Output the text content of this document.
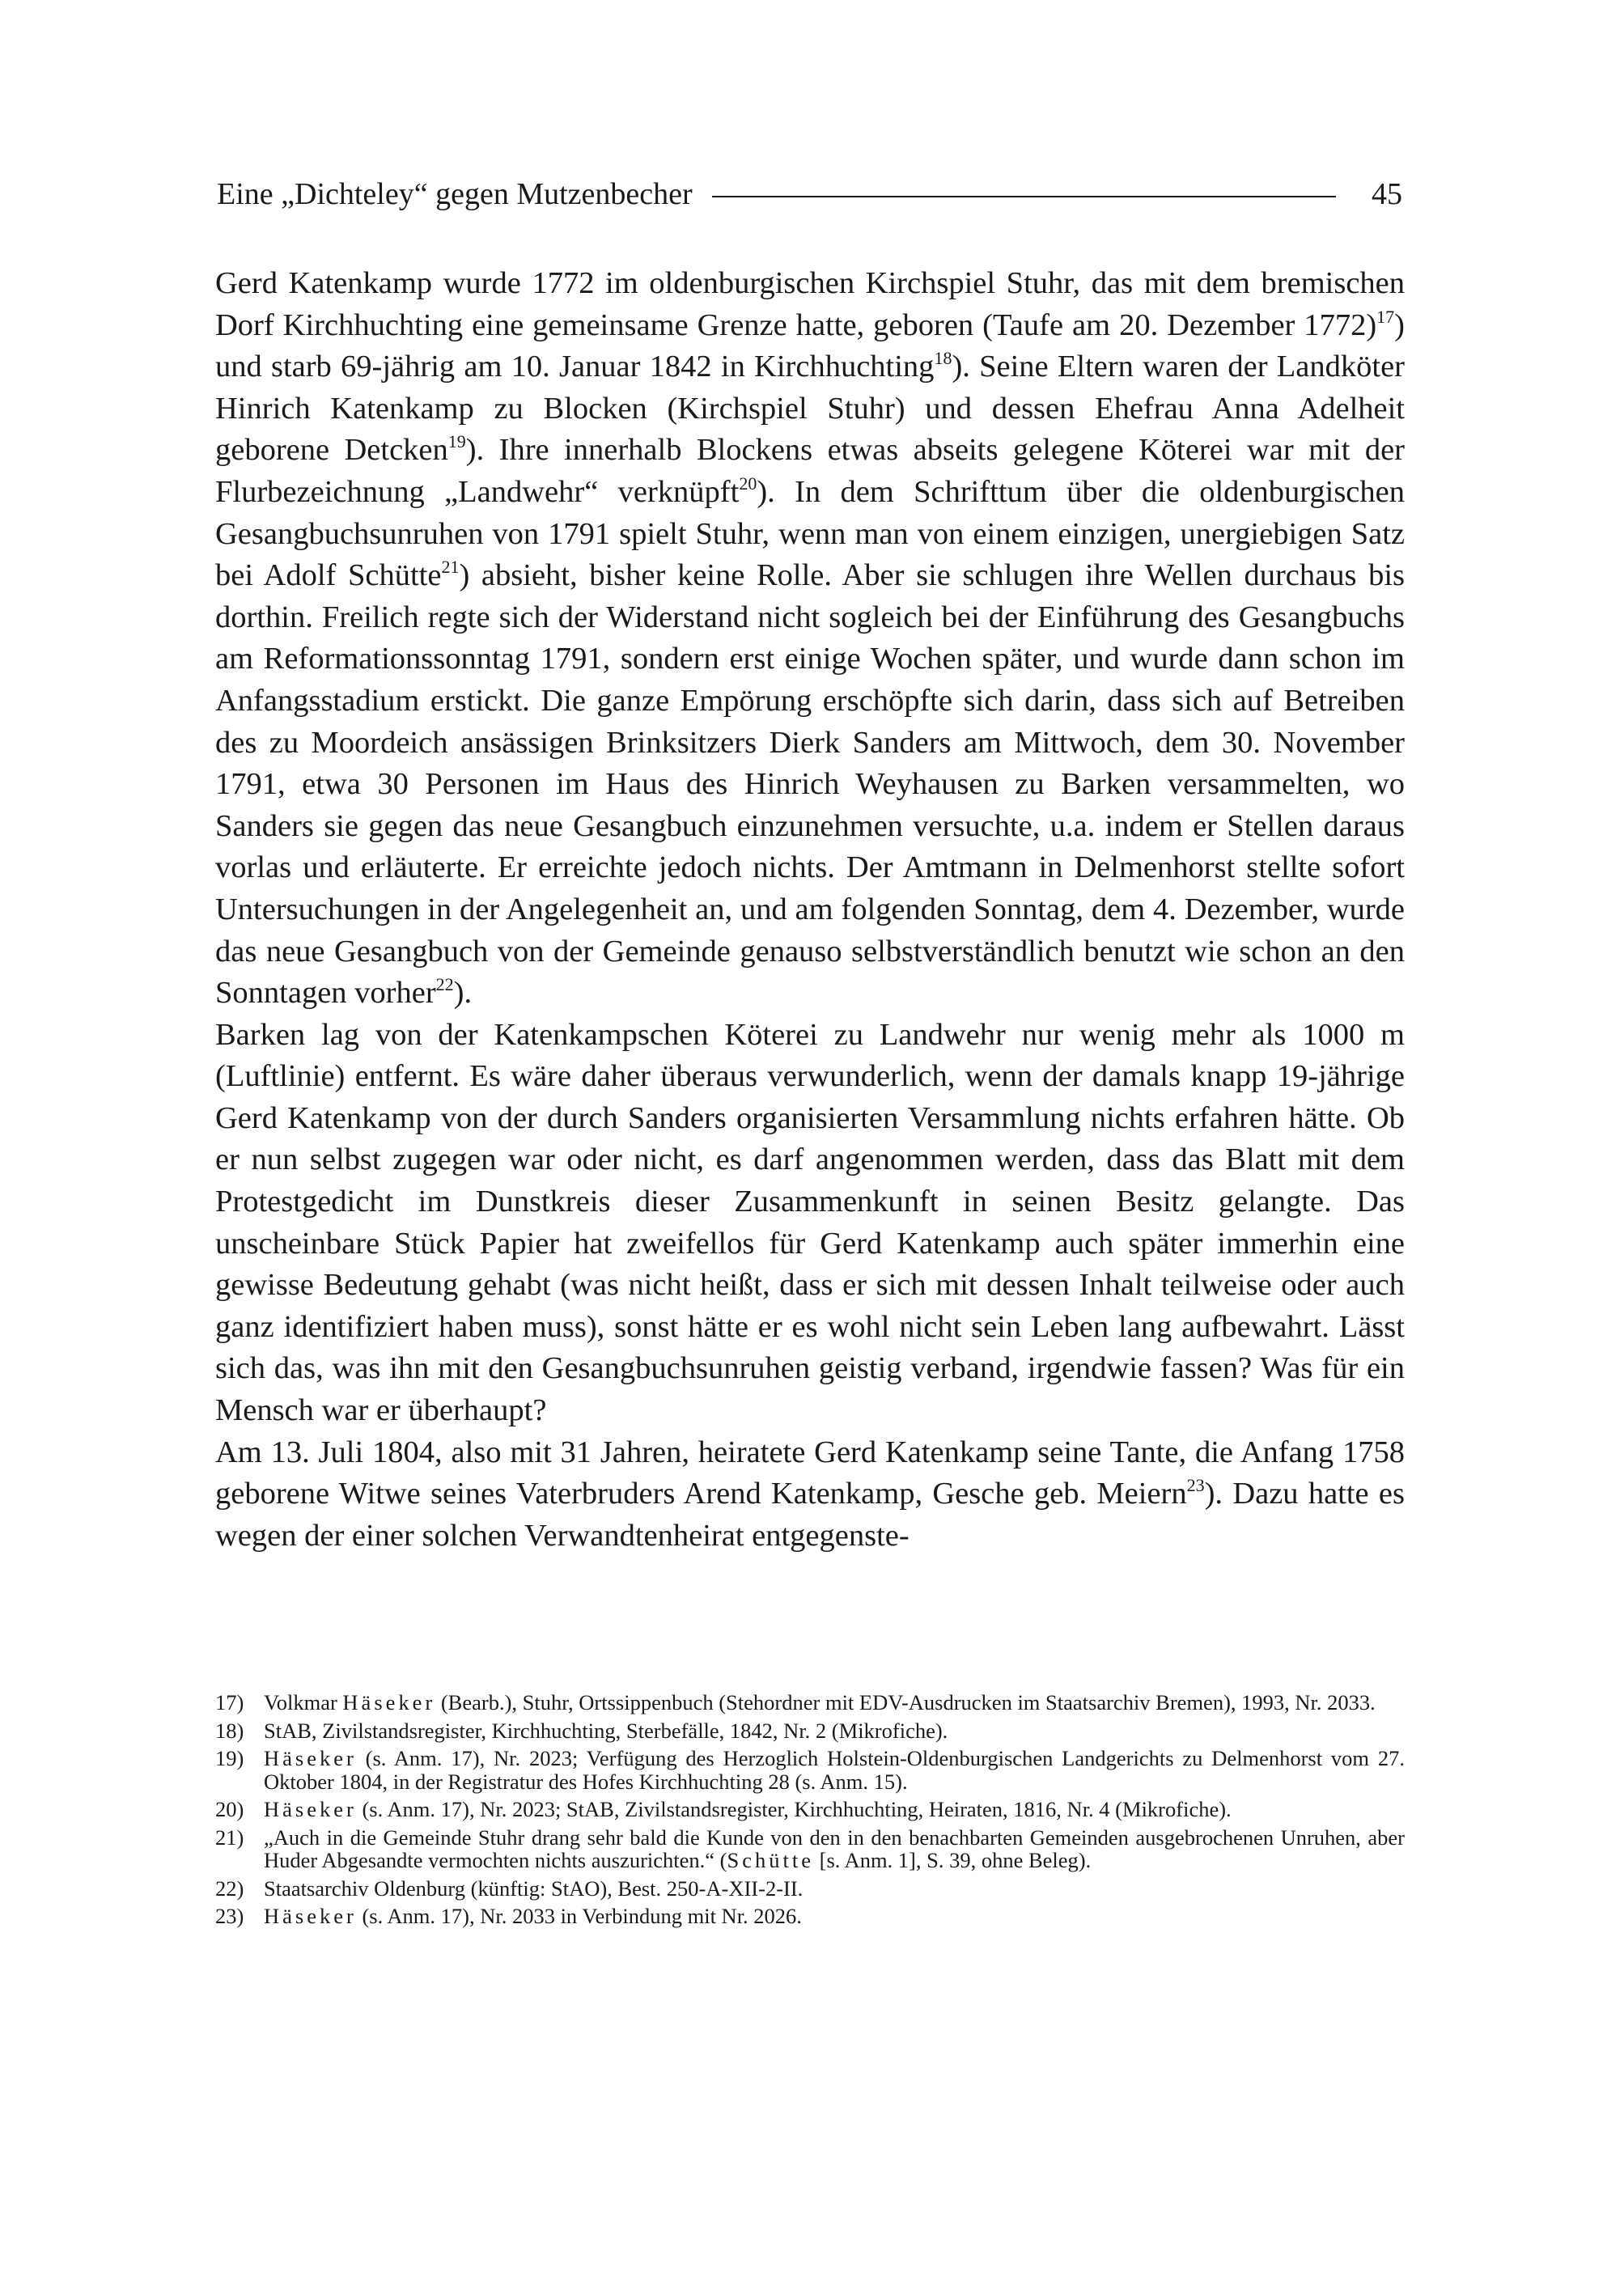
Eine „Dichteley“ gegen Mutzenbecher	45

Gerd Katenkamp wurde 1772 im oldenburgischen Kirchspiel Stuhr, das mit dem bremischen Dorf Kirchhuchting eine gemeinsame Grenze hatte, geboren (Taufe am 20. Dezember 1772)$^{17}$) und starb 69-jährig am 10. Januar 1842 in Kirchhuchting$^{18}$). Seine Eltern waren der Landköter Hinrich Katenkamp zu Blocken (Kirchspiel Stuhr) und dessen Ehefrau Anna Adelheit geborene Detcken$^{19}$). Ihre innerhalb Blockens etwas abseits gelegene Köterei war mit der Flurbezeichnung „Landwehr“ verknüpft$^{20}$). In dem Schrifttum über die oldenburgischen Gesangbuchsunruhen von 1791 spielt Stuhr, wenn man von einem einzigen, unergiebigen Satz bei Adolf Schütte$^{21}$) absieht, bisher keine Rolle. Aber sie schlugen ihre Wellen durchaus bis dorthin. Freilich regte sich der Widerstand nicht sogleich bei der Einführung des Gesangbuchs am Reformationssonntag 1791, sondern erst einige Wochen später, und wurde dann schon im Anfangsstadium erstickt. Die ganze Empörung erschöpfte sich darin, dass sich auf Betreiben des zu Moordeich ansässigen Brinksitzers Dierk Sanders am Mittwoch, dem 30. November 1791, etwa 30 Personen im Haus des Hinrich Weyhausen zu Barken versammelten, wo Sanders sie gegen das neue Gesangbuch einzunehmen versuchte, u.a. indem er Stellen daraus vorlas und erläuterte. Er erreichte jedoch nichts. Der Amtmann in Delmenhorst stellte sofort Untersuchungen in der Angelegenheit an, und am folgenden Sonntag, dem 4. Dezember, wurde das neue Gesangbuch von der Gemeinde genauso selbstverständlich benutzt wie schon an den Sonntagen vorher$^{22}$).

Barken lag von der Katenkampschen Köterei zu Landwehr nur wenig mehr als 1000 m (Luftlinie) entfernt. Es wäre daher überaus verwunderlich, wenn der damals knapp 19-jährige Gerd Katenkamp von der durch Sanders organisierten Versammlung nichts erfahren hätte. Ob er nun selbst zugegen war oder nicht, es darf angenommen werden, dass das Blatt mit dem Protestgedicht im Dunstkreis dieser Zusammenkunft in seinen Besitz gelangte. Das unscheinbare Stück Papier hat zweifellos für Gerd Katenkamp auch später immerhin eine gewisse Bedeutung gehabt (was nicht heißt, dass er sich mit dessen Inhalt teilweise oder auch ganz identifiziert haben muss), sonst hätte er es wohl nicht sein Leben lang aufbewahrt. Lässt sich das, was ihn mit den Gesangbuchsunruhen geistig verband, irgendwie fassen? Was für ein Mensch war er überhaupt?

Am 13. Juli 1804, also mit 31 Jahren, heiratete Gerd Katenkamp seine Tante, die Anfang 1758 geborene Witwe seines Vaterbruders Arend Katenkamp, Gesche geb. Meiern$^{23}$). Dazu hatte es wegen der einer solchen Verwandtenheirat entgegenste-

17) Volkmar Häseker (Bearb.), Stuhr, Ortssippenbuch (Stehordner mit EDV-Ausdrucken im Staatsarchiv Bremen), 1993, Nr. 2033.
18) StAB, Zivilstandsregister, Kirchhuchting, Sterbefälle, 1842, Nr. 2 (Mikrofiche).
19) Häseker (s. Anm. 17), Nr. 2023; Verfügung des Herzoglich Holstein-Oldenburgischen Landgerichts zu Delmenhorst vom 27. Oktober 1804, in der Registratur des Hofes Kirchhuchting 28 (s. Anm. 15).
20) Häseker (s. Anm. 17), Nr. 2023; StAB, Zivilstandsregister, Kirchhuchting, Heiraten, 1816, Nr. 4 (Mikrofiche).
21) „Auch in die Gemeinde Stuhr drang sehr bald die Kunde von den in den benachbarten Gemeinden ausgebrochenen Unruhen, aber Huder Abgesandte vermochten nichts auszurichten.“ (Schütte [s. Anm. 1], S. 39, ohne Beleg).
22) Staatsarchiv Oldenburg (künftig: StAO), Best. 250-A-XII-2-II.
23) Häseker (s. Anm. 17), Nr. 2033 in Verbindung mit Nr. 2026.
